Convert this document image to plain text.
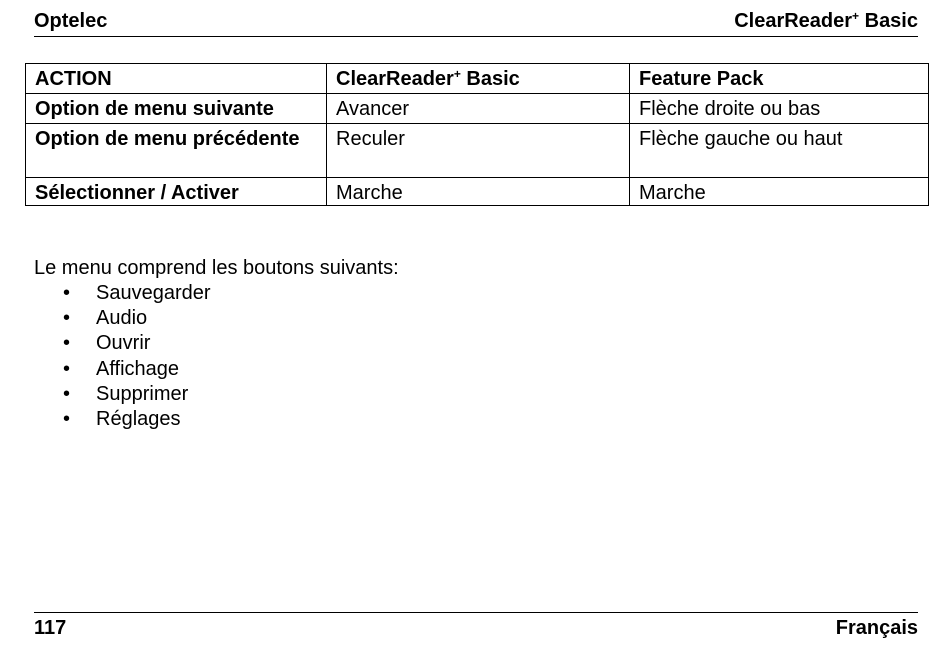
Optelec	ClearReader+ Basic
ACTION	ClearReader+ Basic	Feature Pack
Option de menu suivante	Avancer	Flèche droite ou bas
Option de menu précédente	Reculer	Flèche gauche ou haut
Sélectionner / Activer	Marche	Marche
Le menu comprend les boutons suivants:
• Sauvegarder
• Audio
• Ouvrir
• Affichage
• Supprimer
• Réglages
117	Français
